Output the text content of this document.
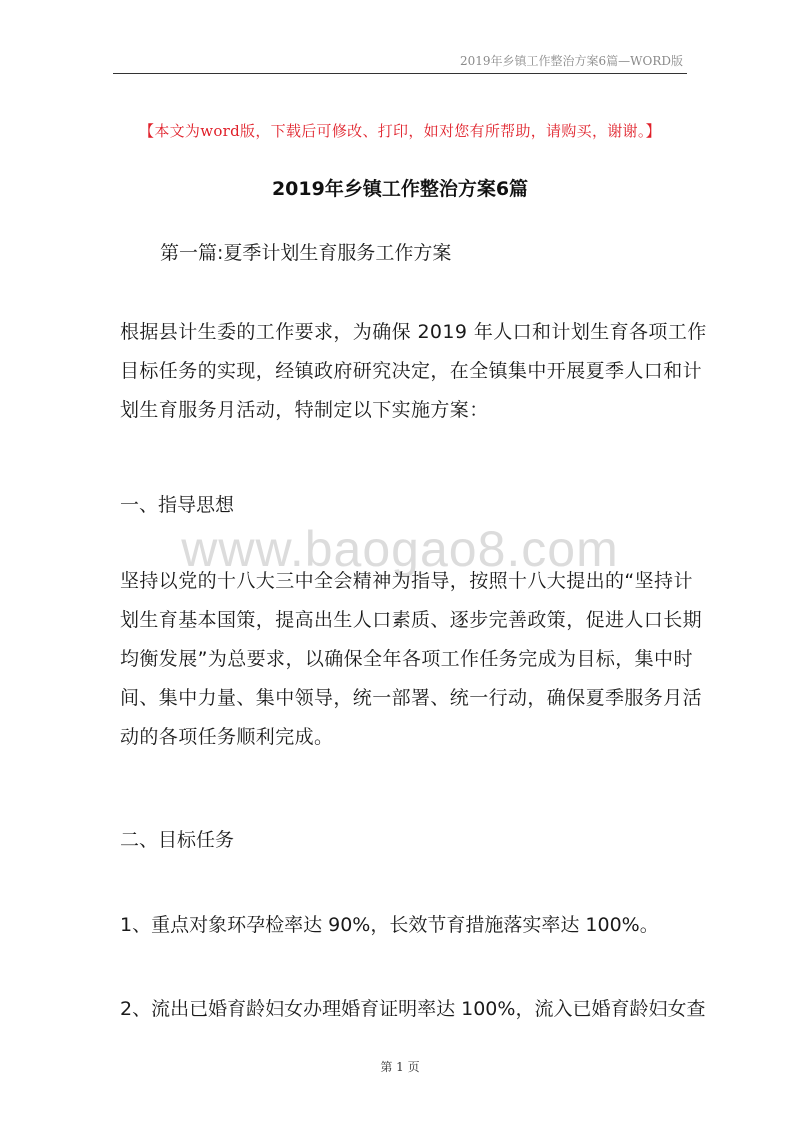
2019年乡镇工作整治方案6篇—WORD版
【本文为word版，下载后可修改、打印，如对您有所帮助，请购买，谢谢。】
2019年乡镇工作整治方案6篇
第一篇:夏季计划生育服务工作方案
根据县计生委的工作要求，为确保 2019 年人口和计划生育各项工作
目标任务的实现，经镇政府研究决定，在全镇集中开展夏季人口和计
划生育服务月活动，特制定以下实施方案：
一、指导思想
www.baogao8.com
坚持以党的十八大三中全会精神为指导，按照十八大提出的“坚持计
划生育基本国策，提高出生人口素质、逐步完善政策，促进人口长期
均衡发展”为总要求，以确保全年各项工作任务完成为目标，集中时
间、集中力量、集中领导，统一部署、统一行动，确保夏季服务月活
动的各项任务顺利完成。
二、目标任务
1、重点对象环孕检率达 90%，长效节育措施落实率达 100%。
2、流出已婚育龄妇女办理婚育证明率达 100%，流入已婚育龄妇女查
第 1 页
